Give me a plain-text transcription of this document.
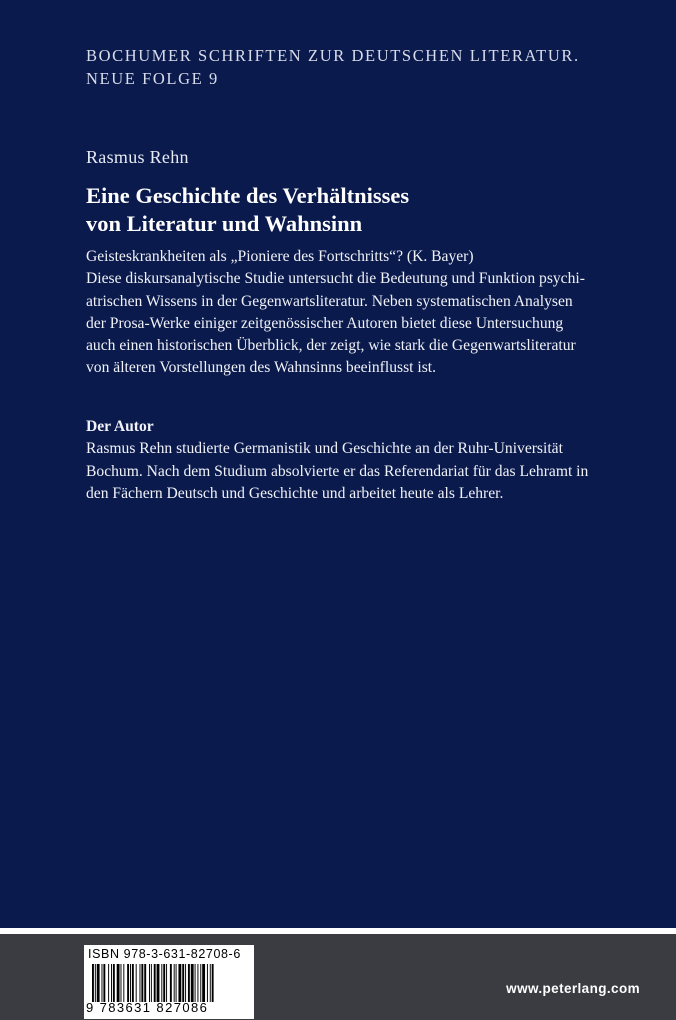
BOCHUMER SCHRIFTEN ZUR DEUTSCHEN LITERATUR.
NEUE FOLGE 9
Rasmus Rehn
Eine Geschichte des Verhältnisses
von Literatur und Wahnsinn
Geisteskrankheiten als „Pioniere des Fortschritts“? (K. Bayer)
Diese diskursanalytische Studie untersucht die Bedeutung und Funktion psychi-
atrischen Wissens in der Gegenwartsliteratur. Neben systematischen Analysen
der Prosa-Werke einiger zeitgenössischer Autoren bietet diese Untersuchung
auch einen historischen Überblick, der zeigt, wie stark die Gegenwartsliteratur
von älteren Vorstellungen des Wahnsinns beeinflusst ist.
Der Autor
Rasmus Rehn studierte Germanistik und Geschichte an der Ruhr-Universität
Bochum. Nach dem Studium absolvierte er das Referendariat für das Lehramt in
den Fächern Deutsch und Geschichte und arbeitet heute als Lehrer.
ISBN 978-3-631-82708-6
9 783631 827086
www.peterlang.com
